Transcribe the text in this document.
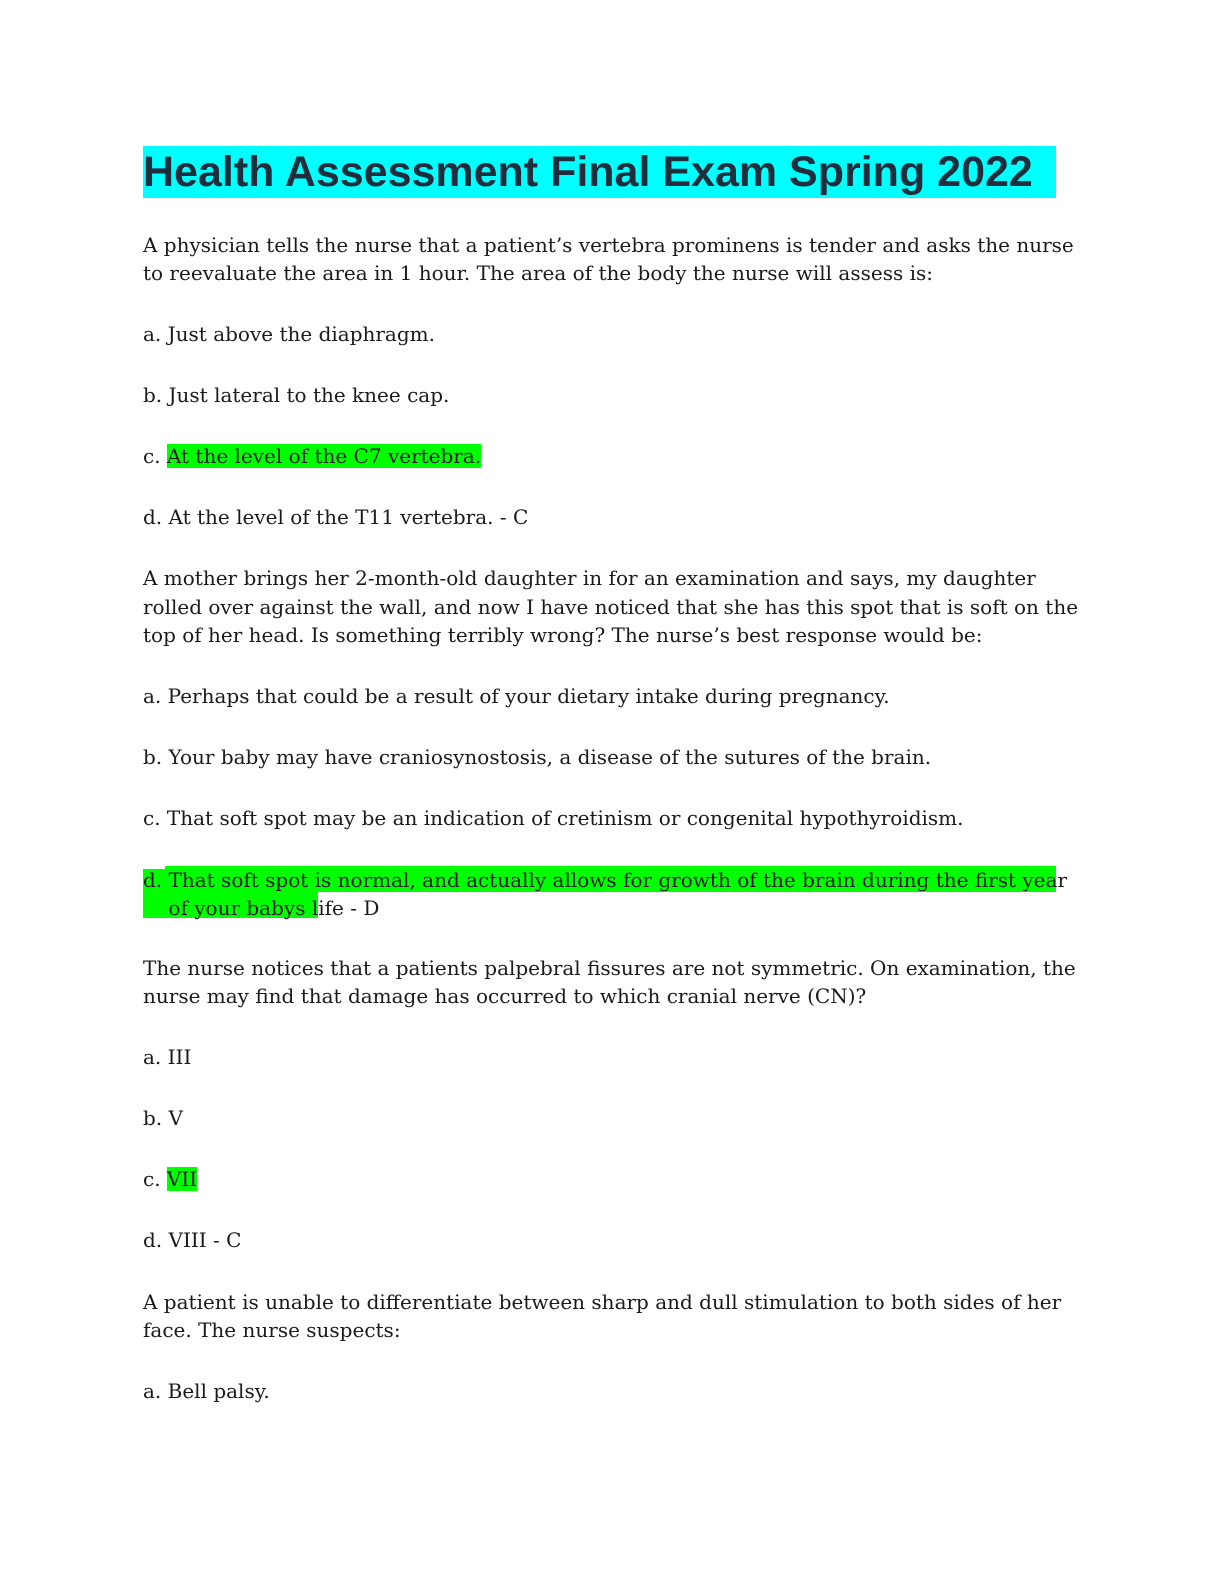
Health Assessment Final Exam Spring 2022

A physician tells the nurse that a patient’s vertebra prominens is tender and asks the nurse

to reevaluate the area in 1 hour. The area of the body the nurse will assess is:

a. Just above the diaphragm.

b. Just lateral to the knee cap.

c. At the level of the C7 vertebra.

d. At the level of the T11 vertebra. - C

A mother brings her 2-month-old daughter in for an examination and says, my daughter

rolled over against the wall, and now I have noticed that she has this spot that is soft on the

top of her head. Is something terribly wrong? The nurse’s best response would be:

a. Perhaps that could be a result of your dietary intake during pregnancy.

b. Your baby may have craniosynostosis, a disease of the sutures of the brain.

c. That soft spot may be an indication of cretinism or congenital hypothyroidism.

d. That soft spot is normal, and actually allows for growth of the brain during the first year
of your babys life - D

The nurse notices that a patients palpebral fissures are not symmetric. On examination, the

nurse may find that damage has occurred to which cranial nerve (CN)?

a. III

b. V

c. VII

d. VIII - C

A patient is unable to differentiate between sharp and dull stimulation to both sides of her

face. The nurse suspects:

a. Bell palsy.
